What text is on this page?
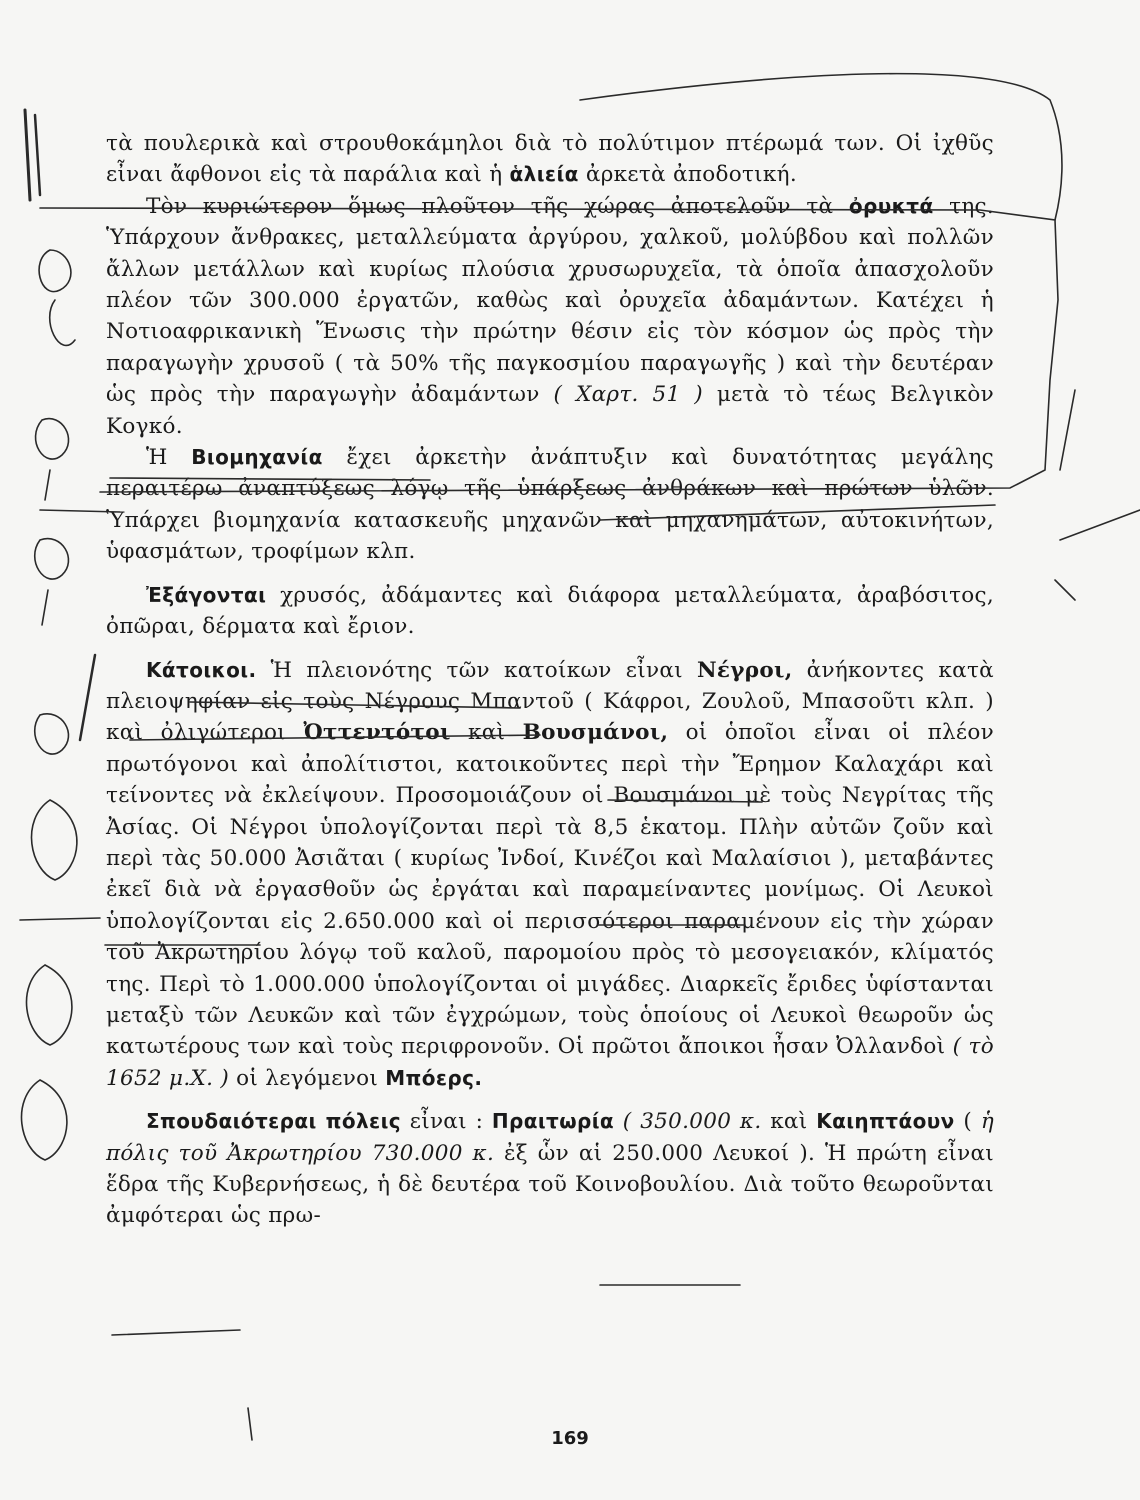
τὰ πουλερικὰ καὶ στρουθοκάμηλοι διὰ τὸ πολύτιμον πτέρωμά των. Οἱ ἰχθῦς εἶναι ἄφθονοι εἰς τὰ παράλια καὶ ἡ ἁλιεία ἀρκετὰ ἀποδοτική.

Τὸν κυριώτερον ὅμως πλοῦτον τῆς χώρας ἀποτελοῦν τὰ ὀρυκτά της. Ὑπάρχουν ἄνθρακες, μεταλλεύματα ἀργύρου, χαλκοῦ, μολύβδου καὶ πολλῶν ἄλλων μετάλλων καὶ κυρίως πλούσια χρυσωρυχεῖα, τὰ ὁποῖα ἀπασχολοῦν πλέον τῶν 300.000 ἐργατῶν, καθὼς καὶ ὀρυχεῖα ἀδαμάντων. Κατέχει ἡ Νοτιοαφρικανικὴ Ἕνωσις τὴν πρώτην θέσιν εἰς τὸν κόσμον ὡς πρὸς τὴν παραγωγὴν χρυσοῦ ( τὰ 50% τῆς παγκοσμίου παραγωγῆς ) καὶ τὴν δευτέραν ὡς πρὸς τὴν παραγωγὴν ἀδαμάντων ( Χαρτ. 51 ) μετὰ τὸ τέως Βελγικὸν Κογκό.

Ἡ Βιομηχανία ἔχει ἀρκετὴν ἀνάπτυξιν καὶ δυνατότητας μεγάλης περαιτέρω ἀναπτύξεως λόγῳ τῆς ὑπάρξεως ἀνθράκων καὶ πρώτων ὑλῶν. Ὑπάρχει βιομηχανία κατασκευῆς μηχανῶν καὶ μηχανημάτων, αὐτοκινήτων, ὑφασμάτων, τροφίμων κλπ.

Ἐξάγονται χρυσός, ἀδάμαντες καὶ διάφορα μεταλλεύματα, ἀραβόσιτος, ὀπῶραι, δέρματα καὶ ἔριον.

Κάτοικοι. Ἡ πλειονότης τῶν κατοίκων εἶναι Νέγροι, ἀνήκοντες κατὰ πλειοψηφίαν εἰς τοὺς Νέγρους Μπαντοῦ ( Κάφροι, Ζουλοῦ, Μπασοῦτι κλπ. ) καὶ ὀλιγώτεροι Ὀττεντότοι καὶ Βουσμάνοι, οἱ ὁποῖοι εἶναι οἱ πλέον πρωτόγονοι καὶ ἀπολίτιστοι, κατοικοῦντες περὶ τὴν Ἔρημον Καλαχάρι καὶ τείνοντες νὰ ἐκλείψουν. Προσομοιάζουν οἱ Βουσμάνοι μὲ τοὺς Νεγρίτας τῆς Ἀσίας. Οἱ Νέγροι ὑπολογίζονται περὶ τὰ 8,5 ἑκατομ. Πλὴν αὐτῶν ζοῦν καὶ περὶ τὰς 50.000 Ἀσιᾶται ( κυρίως Ἰνδοί, Κινέζοι καὶ Μαλαίσιοι ), μεταβάντες ἐκεῖ διὰ νὰ ἐργασθοῦν ὡς ἐργάται καὶ παραμείναντες μονίμως. Οἱ Λευκοὶ ὑπολογίζονται εἰς 2.650.000 καὶ οἱ περισσότεροι παραμένουν εἰς τὴν χώραν τοῦ Ἀκρωτηρίου λόγῳ τοῦ καλοῦ, παρομοίου πρὸς τὸ μεσογειακόν, κλίματός της. Περὶ τὸ 1.000.000 ὑπολογίζονται οἱ μιγάδες. Διαρκεῖς ἔριδες ὑφίστανται μεταξὺ τῶν Λευκῶν καὶ τῶν ἐγχρώμων, τοὺς ὁποίους οἱ Λευκοὶ θεωροῦν ὡς κατωτέρους των καὶ τοὺς περιφρονοῦν. Οἱ πρῶτοι ἄποικοι ἦσαν Ὀλλανδοὶ ( τὸ 1652 μ.Χ. ) οἱ λεγόμενοι Μπόερς.

Σπουδαιότεραι πόλεις εἶναι : Πραιτωρία ( 350.000 κ. καὶ Καιηπτάουν ( ἡ πόλις τοῦ Ἀκρωτηρίου 730.000 κ. ἐξ ὧν αἱ 250.000 Λευκοί ). Ἡ πρώτη εἶναι ἕδρα τῆς Κυβερνήσεως, ἡ δὲ δευτέρα τοῦ Κοινοβουλίου. Διὰ τοῦτο θεωροῦνται ἀμφότεραι ὡς πρω-

169
8
2.650.000
1.000.000
12
